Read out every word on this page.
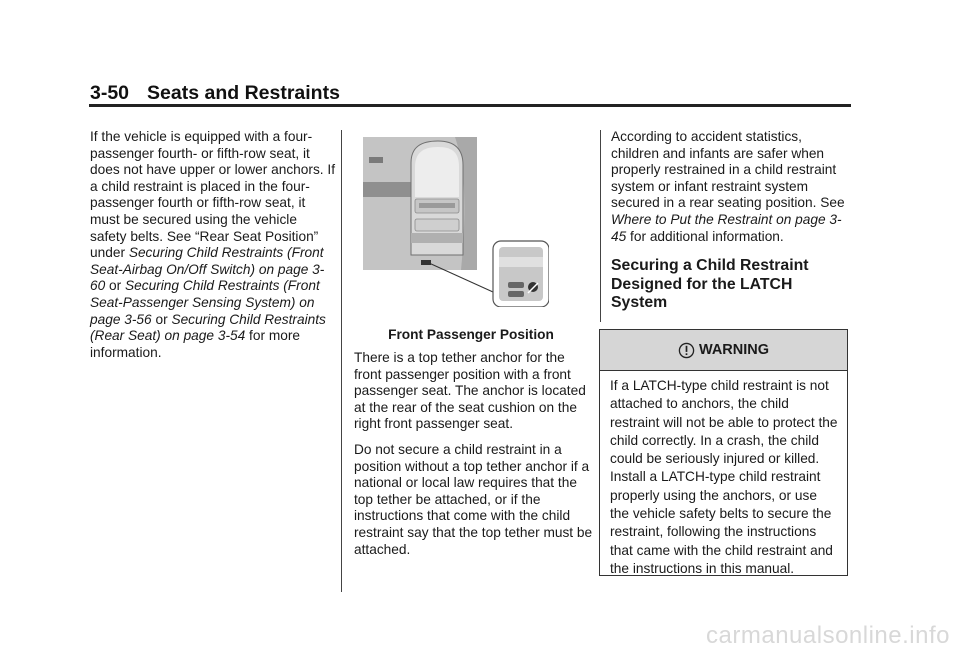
3-50 Seats and Restraints

If the vehicle is equipped with a four-passenger fourth- or fifth-row seat, it does not have upper or lower anchors. If a child restraint is placed in the four-passenger fourth or fifth-row seat, it must be secured using the vehicle safety belts. See “Rear Seat Position” under Securing Child Restraints (Front Seat-Airbag On/Off Switch) on page 3-60 or Securing Child Restraints (Front Seat-Passenger Sensing System) on page 3-56 or Securing Child Restraints (Rear Seat) on page 3-54 for more information.

Front Passenger Position

There is a top tether anchor for the front passenger position with a front passenger seat. The anchor is located at the rear of the seat cushion on the right front passenger seat.

Do not secure a child restraint in a position without a top tether anchor if a national or local law requires that the top tether be attached, or if the instructions that come with the child restraint say that the top tether must be attached.

According to accident statistics, children and infants are safer when properly restrained in a child restraint system or infant restraint system secured in a rear seating position. See Where to Put the Restraint on page 3-45 for additional information.

Securing a Child Restraint Designed for the LATCH System
WARNING
If a LATCH-type child restraint is not attached to anchors, the child restraint will not be able to protect the child correctly. In a crash, the child could be seriously injured or killed. Install a LATCH-type child restraint properly using the anchors, or use the vehicle safety belts to secure the restraint, following the instructions that came with the child restraint and the instructions in this manual.
carmanualsonline.info
